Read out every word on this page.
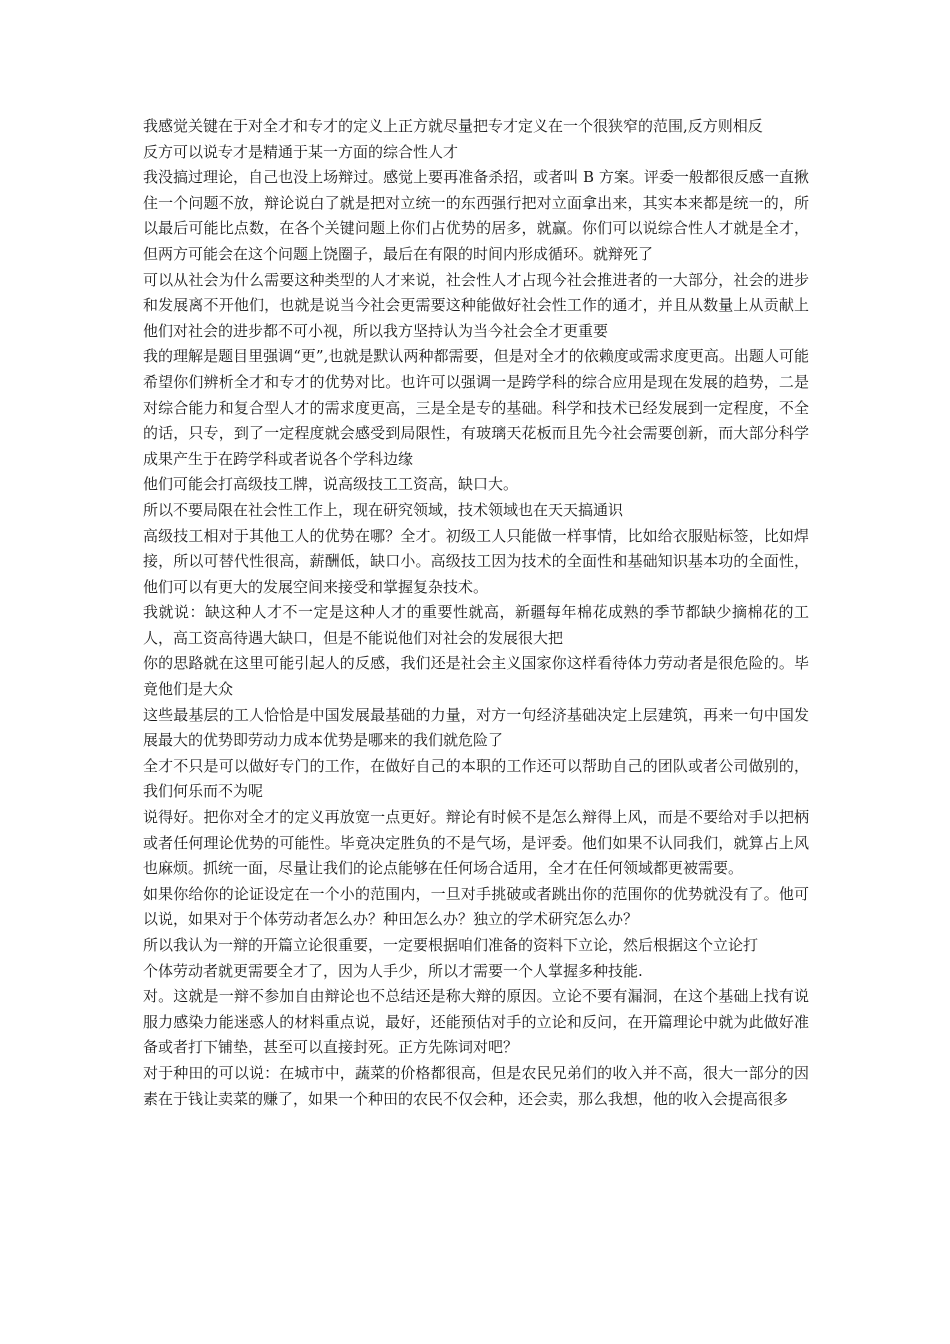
我感觉关键在于对全才和专才的定义上正方就尽量把专才定义在一个很狭窄的范围,反方则相反

反方可以说专才是精通于某一方面的综合性人才

我没搞过理论，自己也没上场辩过。感觉上要再准备杀招，或者叫 B 方案。评委一般都很反感一直揪住一个问题不放，辩论说白了就是把对立统一的东西强行把对立面拿出来，其实本来都是统一的，所以最后可能比点数，在各个关键问题上你们占优势的居多，就赢。你们可以说综合性人才就是全才，但两方可能会在这个问题上饶圈子，最后在有限的时间内形成循环。就辩死了

可以从社会为什么需要这种类型的人才来说，社会性人才占现今社会推进者的一大部分，社会的进步和发展离不开他们，也就是说当今社会更需要这种能做好社会性工作的通才，并且从数量上从贡献上他们对社会的进步都不可小视，所以我方坚持认为当今社会全才更重要

我的理解是题目里强调“更”,也就是默认两种都需要，但是对全才的依赖度或需求度更高。出题人可能希望你们辨析全才和专才的优势对比。也许可以强调一是跨学科的综合应用是现在发展的趋势，二是对综合能力和复合型人才的需求度更高，三是全是专的基础。科学和技术已经发展到一定程度，不全的话，只专，到了一定程度就会感受到局限性，有玻璃天花板而且先今社会需要创新，而大部分科学成果产生于在跨学科或者说各个学科边缘

他们可能会打高级技工牌，说高级技工工资高，缺口大。

所以不要局限在社会性工作上，现在研究领域，技术领域也在天天搞通识

高级技工相对于其他工人的优势在哪？全才。初级工人只能做一样事情，比如给衣服贴标签，比如焊接，所以可替代性很高，薪酬低，缺口小。高级技工因为技术的全面性和基础知识基本功的全面性，他们可以有更大的发展空间来接受和掌握复杂技术。

我就说：缺这种人才不一定是这种人才的重要性就高，新疆每年棉花成熟的季节都缺少摘棉花的工人，高工资高待遇大缺口，但是不能说他们对社会的发展很大把

你的思路就在这里可能引起人的反感，我们还是社会主义国家你这样看待体力劳动者是很危险的。毕竟他们是大众

这些最基层的工人恰恰是中国发展最基础的力量，对方一句经济基础决定上层建筑，再来一句中国发展最大的优势即劳动力成本优势是哪来的我们就危险了

全才不只是可以做好专门的工作，在做好自己的本职的工作还可以帮助自己的团队或者公司做别的，我们何乐而不为呢

说得好。把你对全才的定义再放宽一点更好。辩论有时候不是怎么辩得上风，而是不要给对手以把柄或者任何理论优势的可能性。毕竟决定胜负的不是气场，是评委。他们如果不认同我们，就算占上风也麻烦。抓统一面，尽量让我们的论点能够在任何场合适用，全才在任何领域都更被需要。

如果你给你的论证设定在一个小的范围内，一旦对手挑破或者跳出你的范围你的优势就没有了。他可以说，如果对于个体劳动者怎么办？种田怎么办？独立的学术研究怎么办？

所以我认为一辩的开篇立论很重要，一定要根据咱们准备的资料下立论，然后根据这个立论打

个体劳动者就更需要全才了，因为人手少，所以才需要一个人掌握多种技能.

对。这就是一辩不参加自由辩论也不总结还是称大辩的原因。立论不要有漏洞，在这个基础上找有说服力感染力能迷惑人的材料重点说，最好，还能预估对手的立论和反问，在开篇理论中就为此做好准备或者打下铺垫，甚至可以直接封死。正方先陈词对吧？

对于种田的可以说：在城市中，蔬菜的价格都很高，但是农民兄弟们的收入并不高，很大一部分的因素在于钱让卖菜的赚了，如果一个种田的农民不仅会种，还会卖，那么我想，他的收入会提高很多
